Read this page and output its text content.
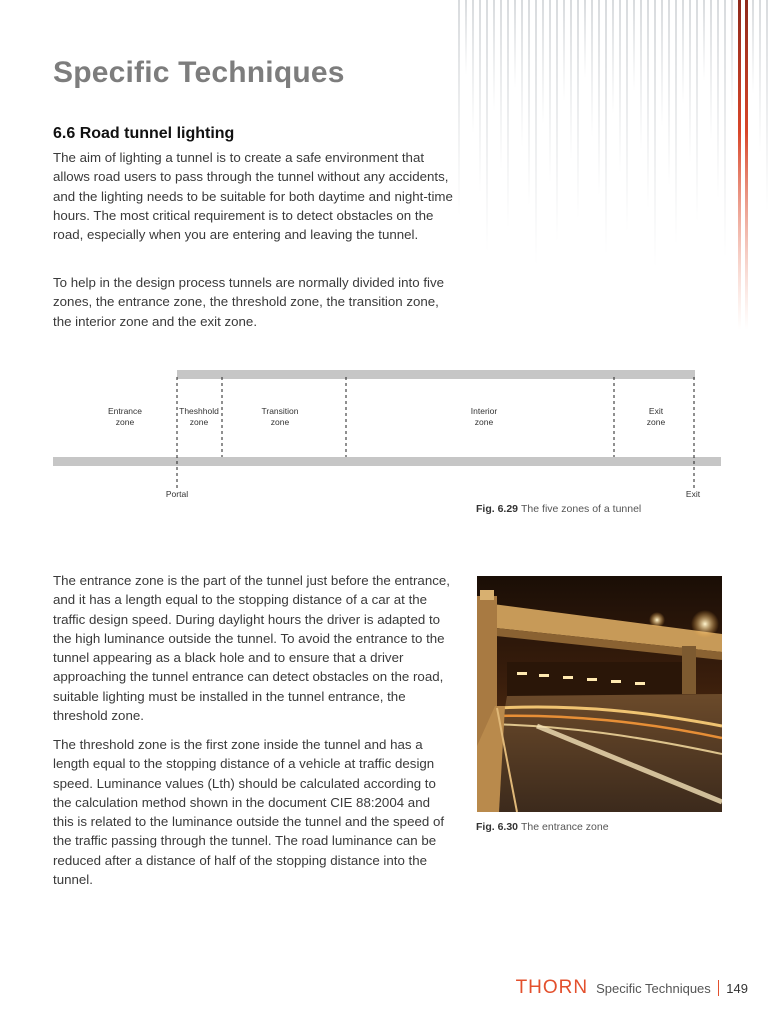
Specific Techniques
6.6 Road tunnel lighting

The aim of lighting a tunnel is to create a safe environment that allows road users to pass through the tunnel without any accidents, and the lighting needs to be suitable for both daytime and night-time hours. The most critical requirement is to detect obstacles on the road, especially when you are entering and leaving the tunnel.

To help in the design process tunnels are normally divided into five zones, the entrance zone, the threshold zone, the transition zone, the interior zone and the exit zone.

Entrance
zone
Theshhold
zone
Transition
zone
Interior
zone
Exit
zone
Portal	Exit

Fig. 6.29 The five zones of a tunnel

The entrance zone is the part of the tunnel just before the entrance, and it has a length equal to the stopping distance of a car at the traffic design speed. During daylight hours the driver is adapted to the high luminance outside the tunnel. To avoid the entrance to the tunnel appearing as a black hole and to ensure that a driver approaching the tunnel entrance can detect obstacles on the road, suitable lighting must be installed in the tunnel entrance, the threshold zone.

The threshold zone is the first zone inside the tunnel and has a length equal to the stopping distance of a vehicle at traffic design speed. Luminance values (Lth) should be calculated according to the calculation method shown in the document CIE 88:2004 and this is related to the luminance outside the tunnel and the speed of the traffic passing through the tunnel. The road luminance can be reduced after a distance of half of the stopping distance into the tunnel.

Fig. 6.30 The entrance zone

THORN Specific Techniques 149
